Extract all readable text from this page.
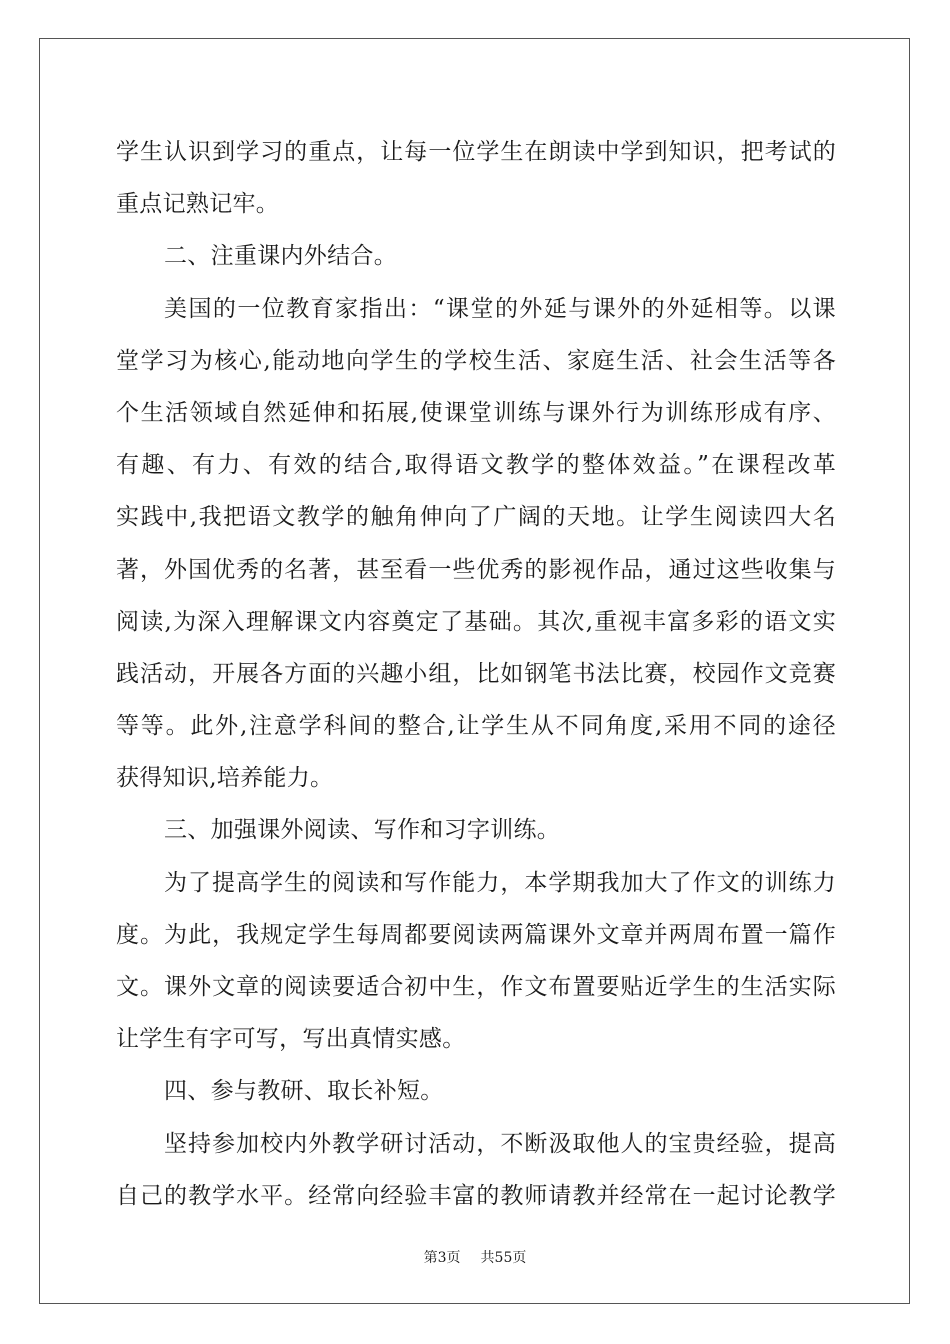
学生认识到学习的重点，让每一位学生在朗读中学到知识，把考试的
重点记熟记牢。
二、注重课内外结合。
美国的一位教育家指出：“课堂的外延与课外的外延相等。以课
堂学习为核心,能动地向学生的学校生活、家庭生活、社会生活等各
个生活领域自然延伸和拓展,使课堂训练与课外行为训练形成有序、
有趣、有力、有效的结合,取得语文教学的整体效益。”在课程改革
实践中,我把语文教学的触角伸向了广阔的天地。让学生阅读四大名
著，外国优秀的名著，甚至看一些优秀的影视作品，通过这些收集与
阅读,为深入理解课文内容奠定了基础。其次,重视丰富多彩的语文实
践活动，开展各方面的兴趣小组，比如钢笔书法比赛，校园作文竞赛
等等。此外,注意学科间的整合,让学生从不同角度,采用不同的途径
获得知识,培养能力。
三、加强课外阅读、写作和习字训练。
为了提高学生的阅读和写作能力，本学期我加大了作文的训练力
度。为此，我规定学生每周都要阅读两篇课外文章并两周布置一篇作
文。课外文章的阅读要适合初中生，作文布置要贴近学生的生活实际
让学生有字可写，写出真情实感。
四、参与教研、取长补短。
坚持参加校内外教学研讨活动，不断汲取他人的宝贵经验，提高
自己的教学水平。经常向经验丰富的教师请教并经常在一起讨论教学
第3页 共55页
